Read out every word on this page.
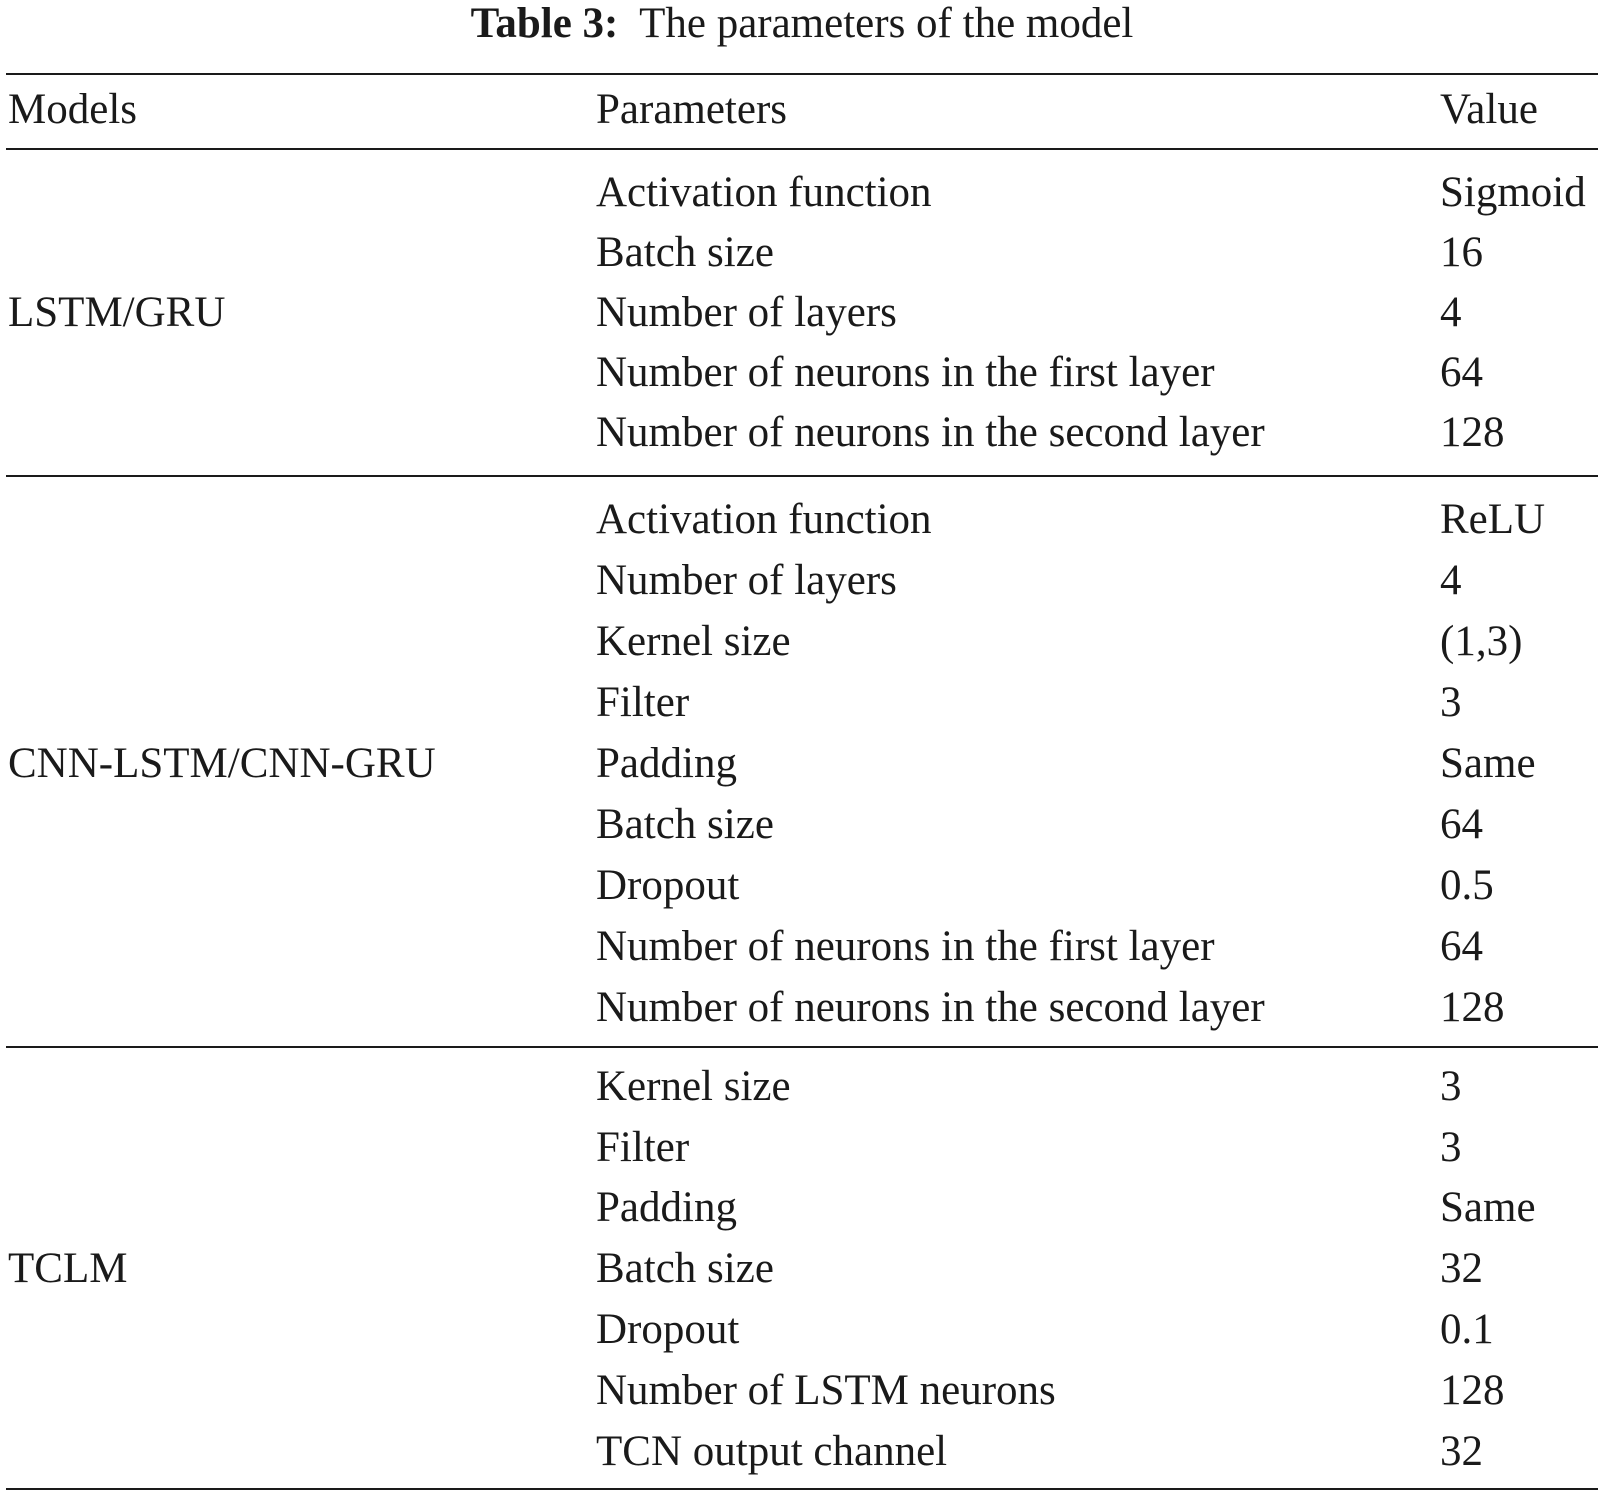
Table 3: The parameters of the model
Models	Parameters	Value
LSTM/GRU
Activation function	Sigmoid
Batch size	16
Number of layers	4
Number of neurons in the first layer	64
Number of neurons in the second layer	128
CNN-LSTM/CNN-GRU
Activation function	ReLU
Number of layers	4
Kernel size	(1,3)
Filter	3
Padding	Same
Batch size	64
Dropout	0.5
Number of neurons in the first layer	64
Number of neurons in the second layer	128
TCLM
Kernel size	3
Filter	3
Padding	Same
Batch size	32
Dropout	0.1
Number of LSTM neurons	128
TCN output channel	32
